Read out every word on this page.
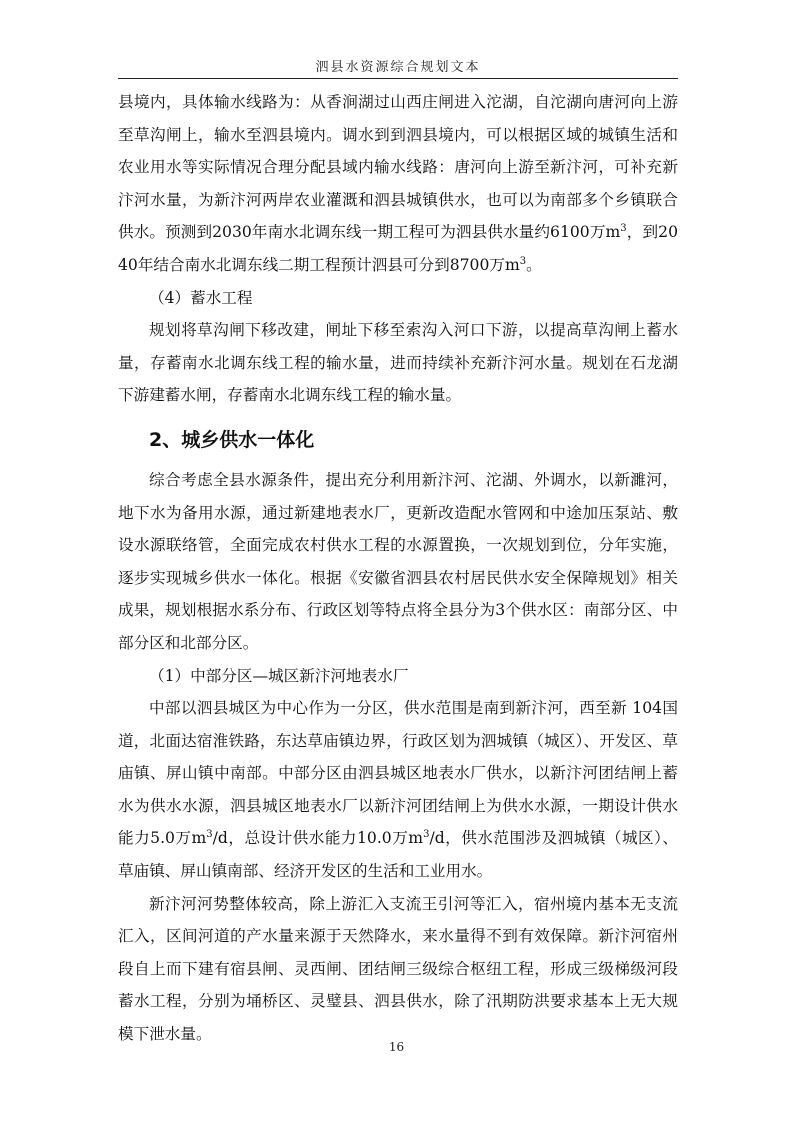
泗县水资源综合规划文本

县境内，具体输水线路为：从香涧湖过山西庄闸进入沱湖，自沱湖向唐河向上游至草沟闸上，输水至泗县境内。调水到到泗县境内，可以根据区域的城镇生活和农业用水等实际情况合理分配县域内输水线路：唐河向上游至新汴河，可补充新汴河水量，为新汴河两岸农业灌溉和泗县城镇供水，也可以为南部多个乡镇联合供水。预测到2030年南水北调东线一期工程可为泗县供水量约6100万$m^3$，到2040年结合南水北调东线二期工程预计泗县可分到8700万$m^3$。

（4）蓄水工程

规划将草沟闸下移改建，闸址下移至索沟入河口下游，以提高草沟闸上蓄水量，存蓄南水北调东线工程的输水量，进而持续补充新汴河水量。规划在石龙湖下游建蓄水闸，存蓄南水北调东线工程的输水量。

2、城乡供水一体化

综合考虑全县水源条件，提出充分利用新汴河、沱湖、外调水，以新濉河，地下水为备用水源，通过新建地表水厂，更新改造配水管网和中途加压泵站、敷设水源联络管，全面完成农村供水工程的水源置换，一次规划到位，分年实施，逐步实现城乡供水一体化。根据《安徽省泗县农村居民供水安全保障规划》相关成果，规划根据水系分布、行政区划等特点将全县分为3个供水区：南部分区、中部分区和北部分区。

（1）中部分区—城区新汴河地表水厂

中部以泗县城区为中心作为一分区，供水范围是南到新汴河，西至新 104国道，北面达宿淮铁路，东达草庙镇边界，行政区划为泗城镇（城区）、开发区、草庙镇、屏山镇中南部。中部分区由泗县城区地表水厂供水，以新汴河团结闸上蓄水为供水水源，泗县城区地表水厂以新汴河团结闸上为供水水源，一期设计供水能力5.0万$m^3/d$，总设计供水能力10.0万$m^3/d$，供水范围涉及泗城镇（城区）、草庙镇、屏山镇南部、经济开发区的生活和工业用水。

新汴河河势整体较高，除上游汇入支流王引河等汇入，宿州境内基本无支流汇入，区间河道的产水量来源于天然降水，来水量得不到有效保障。新汴河宿州段自上而下建有宿县闸、灵西闸、团结闸三级综合枢纽工程，形成三级梯级河段蓄水工程，分别为埇桥区、灵璧县、泗县供水，除了汛期防洪要求基本上无大规模下泄水量。

16
